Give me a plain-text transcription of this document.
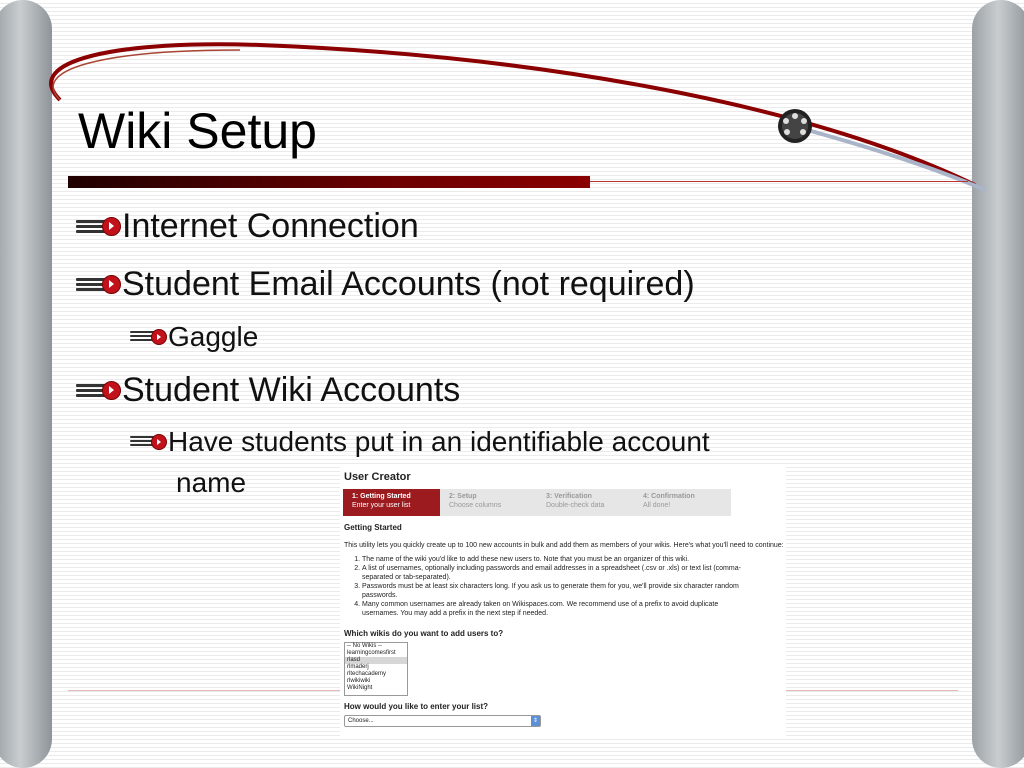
Wiki Setup
Internet Connection
Student Email Accounts (not required)
Gaggle
Student Wiki Accounts
Have students put in an identifiable account
name	User Creator
1: Getting Started
Enter your user list
2: Setup
Choose columns
3: Verification
Double-check data
4: Confirmation
All done!
Getting Started
This utility lets you quickly create up to 100 new accounts in bulk and add them as members of your wikis. Here's what you'll need to continue:
1. The name of the wiki you'd like to add these new users to. Note that you must be an organizer of this wiki.
2. A list of usernames, optionally including passwords and email addresses in a spreadsheet (.csv or .xls) or text list (comma-separated or tab-separated).
3. Passwords must be at least six characters long. If you ask us to generate them for you, we'll provide six character random passwords.
4. Many common usernames are already taken on Wikispaces.com. We recommend use of a prefix to avoid duplicate usernames. You may add a prefix in the next step if needed.
Which wikis do you want to add users to?
-- No Wikis --
learningcomesfirst
rlasd
rlmaderj
rltechacademy
rlwikiwiki
WikiNight
How would you like to enter your list?
Choose...	⇕
